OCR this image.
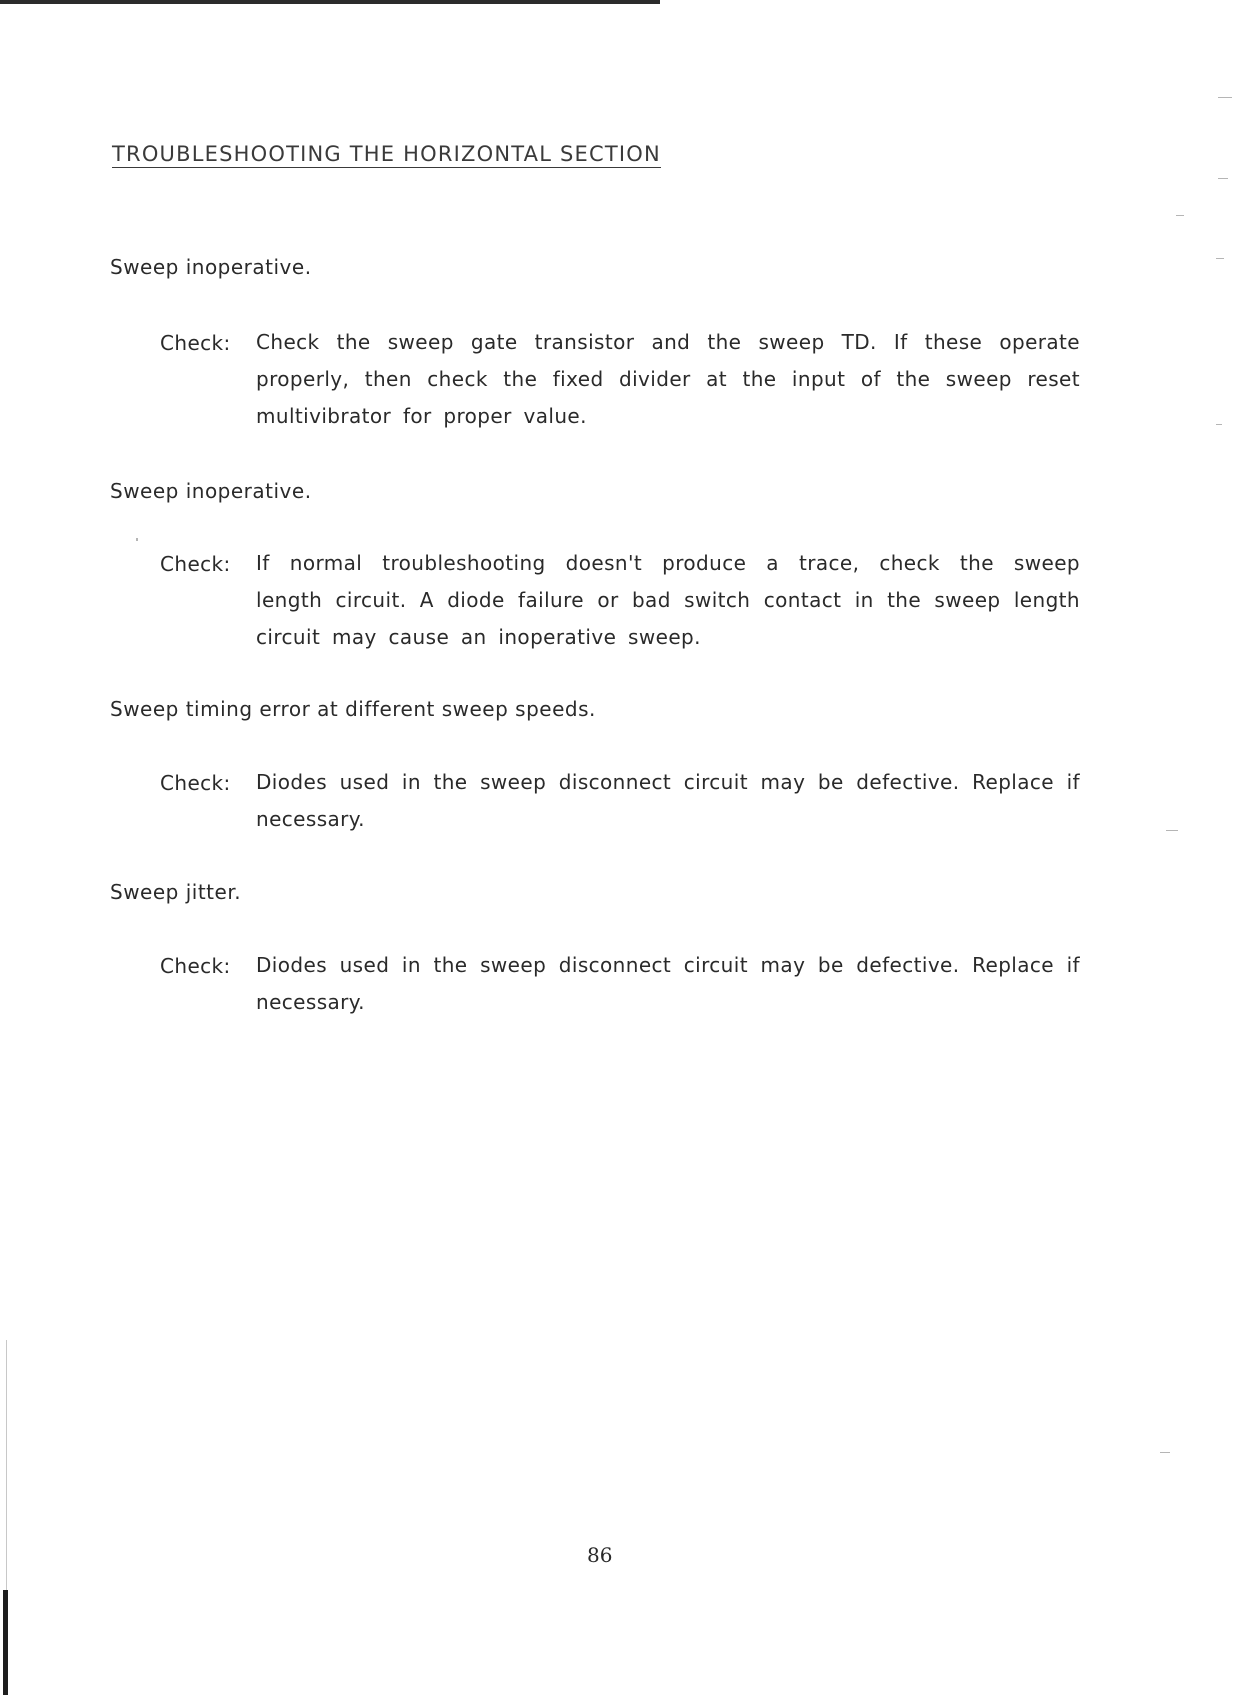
TROUBLESHOOTING THE HORIZONTAL SECTION
Sweep inoperative.
Check: Check the sweep gate transistor and the sweep TD. If these operate properly, then check the fixed divider at the input of the sweep reset multivibrator for proper value.
Sweep inoperative.
Check: If normal troubleshooting doesn't produce a trace, check the sweep length circuit. A diode failure or bad switch contact in the sweep length circuit may cause an inoperative sweep.
Sweep timing error at different sweep speeds.
Check: Diodes used in the sweep disconnect circuit may be defective. Replace if necessary.
Sweep jitter.
Check: Diodes used in the sweep disconnect circuit may be defective. Replace if necessary.
86
